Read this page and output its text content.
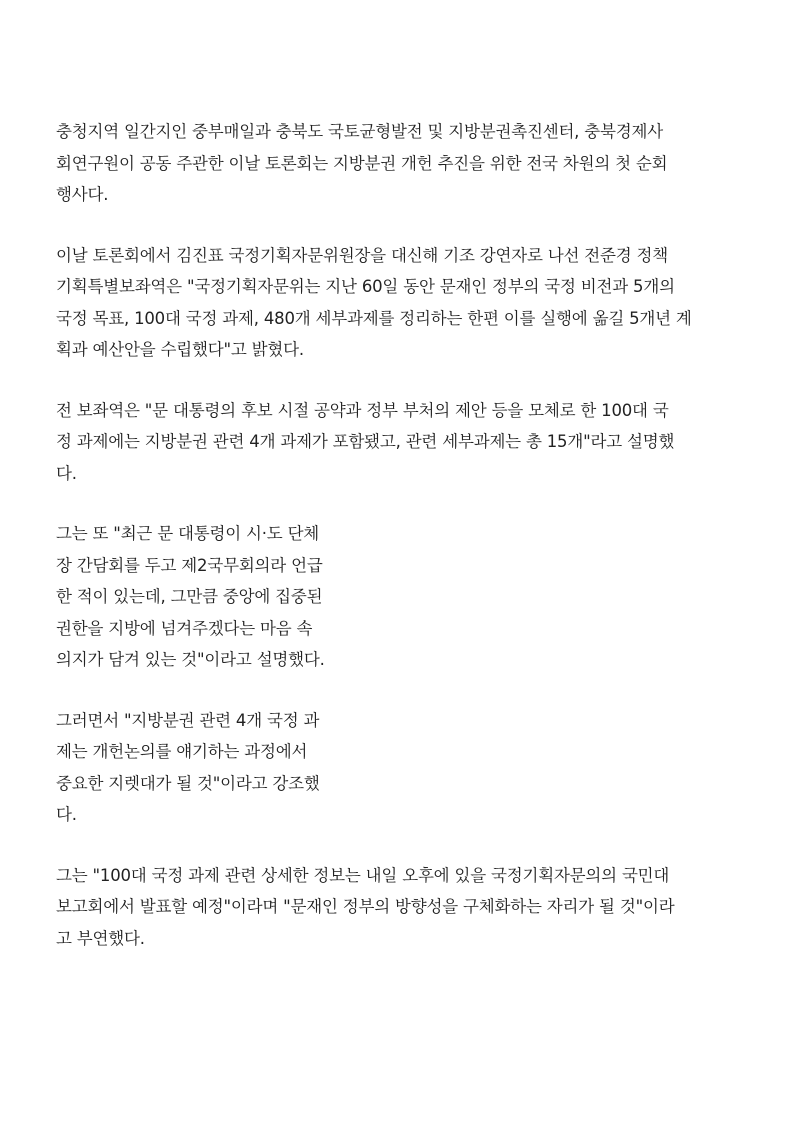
충청지역 일간지인 중부매일과 충북도 국토균형발전 및 지방분권촉진센터, 충북경제사
회연구원이 공동 주관한 이날 토론회는 지방분권 개헌 추진을 위한 전국 차원의 첫 순회
행사다.
이날 토론회에서 김진표 국정기획자문위원장을 대신해 기조 강연자로 나선 전준경 정책
기획특별보좌역은 "국정기획자문위는 지난 60일 동안 문재인 정부의 국정 비전과 5개의
국정 목표, 100대 국정 과제, 480개 세부과제를 정리하는 한편 이를 실행에 옮길 5개년 계
획과 예산안을 수립했다"고 밝혔다.
전 보좌역은 "문 대통령의 후보 시절 공약과 정부 부처의 제안 등을 모체로 한 100대 국
정 과제에는 지방분권 관련 4개 과제가 포함됐고, 관련 세부과제는 총 15개"라고 설명했
다.
그는 또 "최근 문 대통령이 시·도 단체
장 간담회를 두고 제2국무회의라 언급
한 적이 있는데, 그만큼 중앙에 집중된
권한을 지방에 넘겨주겠다는 마음 속
의지가 담겨 있는 것"이라고 설명했다.
그러면서 "지방분권 관련 4개 국정 과
제는 개헌논의를 얘기하는 과정에서
중요한 지렛대가 될 것"이라고 강조했
다.
그는 "100대 국정 과제 관련 상세한 정보는 내일 오후에 있을 국정기획자문의의 국민대
보고회에서 발표할 예정"이라며 "문재인 정부의 방향성을 구체화하는 자리가 될 것"이라
고 부연했다.
